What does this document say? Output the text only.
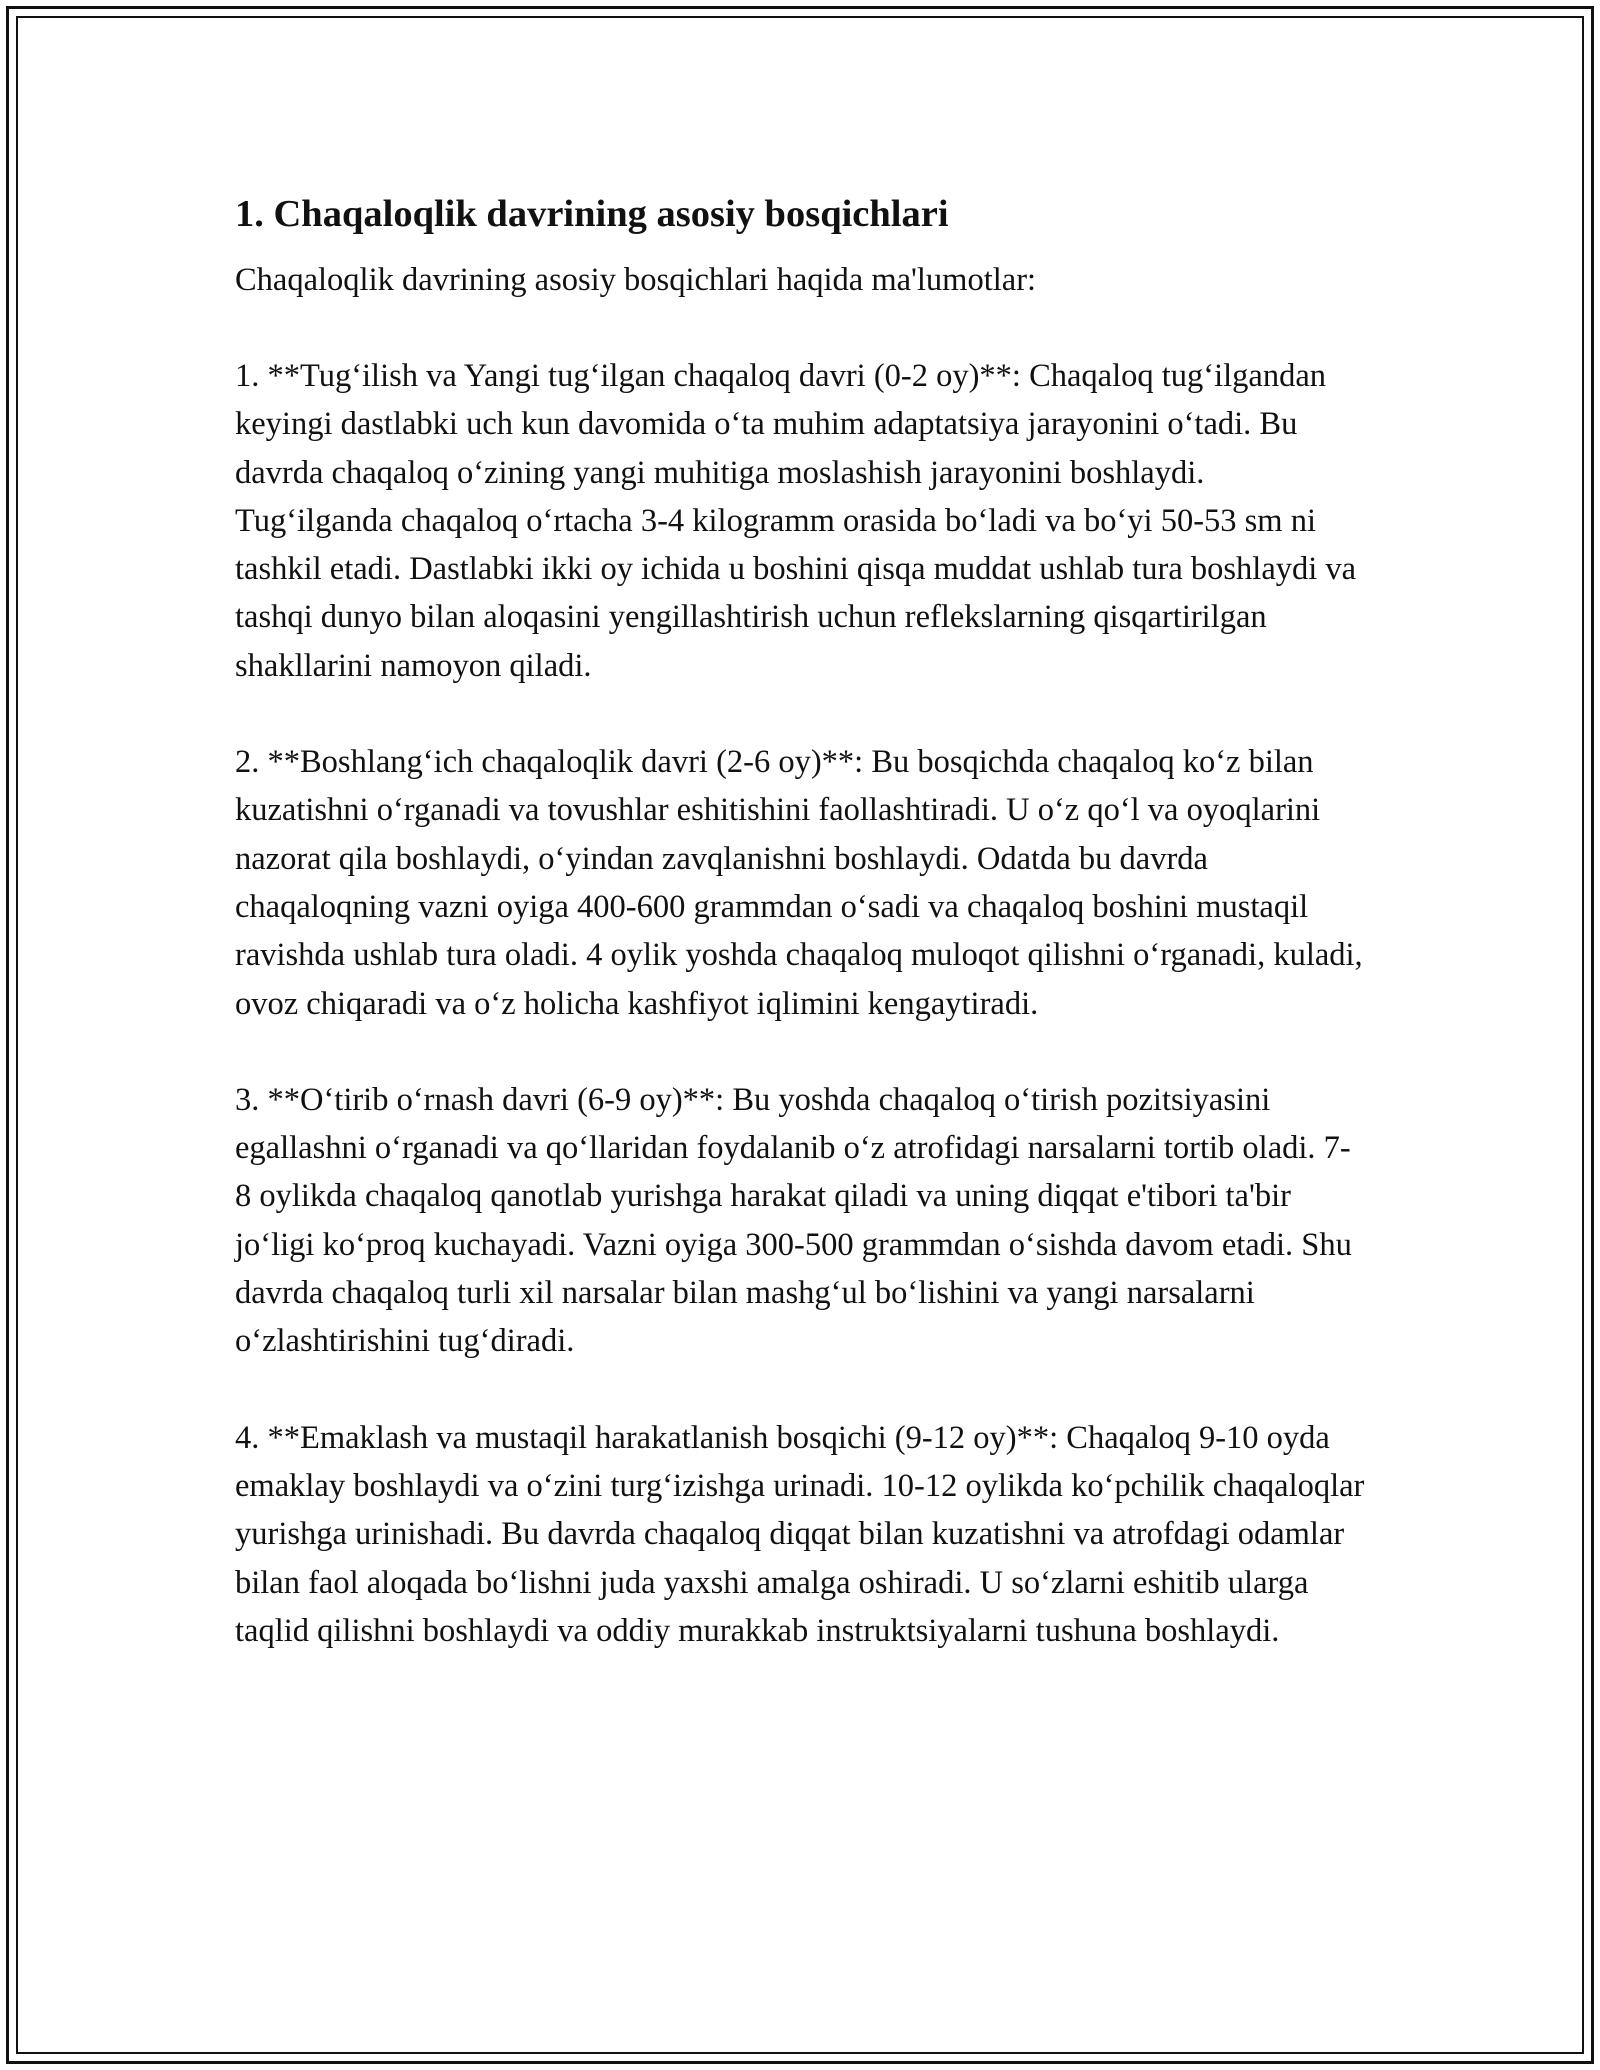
1. Chaqaloqlik davrining asosiy bosqichlari

Chaqaloqlik davrining asosiy bosqichlari haqida ma'lumotlar:

1. **Tug‘ilish va Yangi tug‘ilgan chaqaloq davri (0-2 oy)**: Chaqaloq tug‘ilgandan keyingi dastlabki uch kun davomida o‘ta muhim adaptatsiya jarayonini o‘tadi. Bu davrda chaqaloq o‘zining yangi muhitiga moslashish jarayonini boshlaydi. Tug‘ilganda chaqaloq o‘rtacha 3-4 kilogramm orasida bo‘ladi va bo‘yi 50-53 sm ni tashkil etadi. Dastlabki ikki oy ichida u boshini qisqa muddat ushlab tura boshlaydi va tashqi dunyo bilan aloqasini yengillashtirish uchun reflekslarning qisqartirilgan shakllarini namoyon qiladi.

2. **Boshlang‘ich chaqaloqlik davri (2-6 oy)**: Bu bosqichda chaqaloq ko‘z bilan kuzatishni o‘rganadi va tovushlar eshitishini faollashtiradi. U o‘z qo‘l va oyoqlarini nazorat qila boshlaydi, o‘yindan zavqlanishni boshlaydi. Odatda bu davrda chaqaloqning vazni oyiga 400-600 grammdan o‘sadi va chaqaloq boshini mustaqil ravishda ushlab tura oladi. 4 oylik yoshda chaqaloq muloqot qilishni o‘rganadi, kuladi, ovoz chiqaradi va o‘z holicha kashfiyot iqlimini kengaytiradi.

3. **O‘tirib o‘rnash davri (6-9 oy)**: Bu yoshda chaqaloq o‘tirish pozitsiyasini egallashni o‘rganadi va qo‘llaridan foydalanib o‘z atrofidagi narsalarni tortib oladi. 7-8 oylikda chaqaloq qanotlab yurishga harakat qiladi va uning diqqat e'tibori ta'bir jo‘ligi ko‘proq kuchayadi. Vazni oyiga 300-500 grammdan o‘sishda davom etadi. Shu davrda chaqaloq turli xil narsalar bilan mashg‘ul bo‘lishini va yangi narsalarni o‘zlashtirishini tug‘diradi.

4. **Emaklash va mustaqil harakatlanish bosqichi (9-12 oy)**: Chaqaloq 9-10 oyda emaklay boshlaydi va o‘zini turg‘izishga urinadi. 10-12 oylikda ko‘pchilik chaqaloqlar yurishga urinishadi. Bu davrda chaqaloq diqqat bilan kuzatishni va atrofdagi odamlar bilan faol aloqada bo‘lishni juda yaxshi amalga oshiradi. U so‘zlarni eshitib ularga taqlid qilishni boshlaydi va oddiy murakkab instruktsiyalarni tushuna boshlaydi.
